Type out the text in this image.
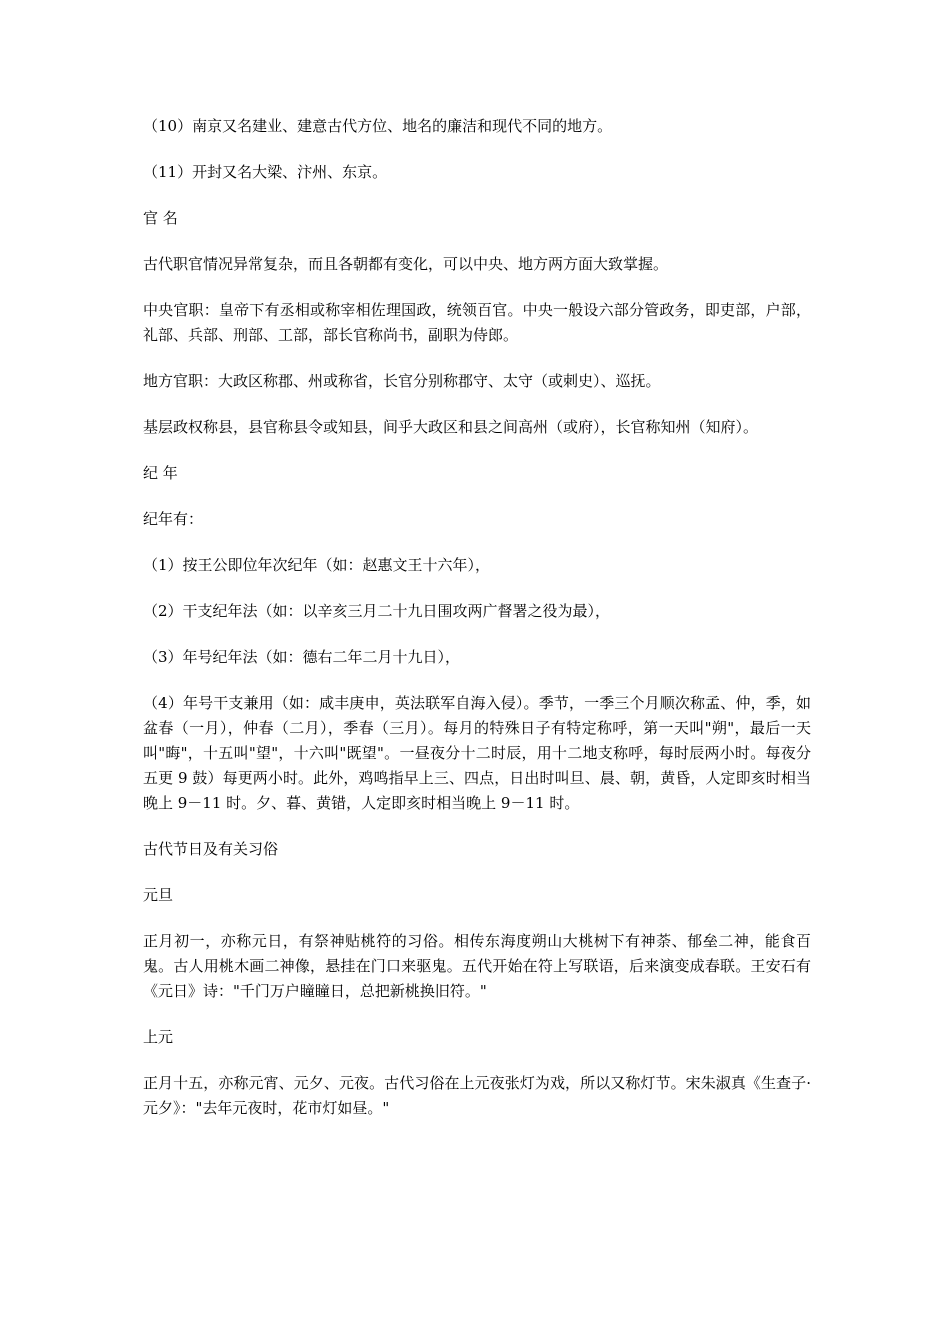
（10）南京又名建业、建意古代方位、地名的廉洁和现代不同的地方。

（11）开封又名大梁、汴州、东京。

官 名

古代职官情况异常复杂，而且各朝都有变化，可以中央、地方两方面大致掌握。

中央官职：皇帝下有丞相或称宰相佐理国政，统领百官。中央一般设六部分管政务，即吏部，户部，礼部、兵部、刑部、工部，部长官称尚书，副职为侍郎。

地方官职：大政区称郡、州或称省，长官分别称郡守、太守（或刺史）、巡抚。

基层政权称县，县官称县令或知县，间乎大政区和县之间高州（或府），长官称知州（知府）。

纪 年

纪年有：

（1）按王公即位年次纪年（如：赵惠文王十六年），

（2）干支纪年法（如：以辛亥三月二十九日围攻两广督署之役为最），

（3）年号纪年法（如：德右二年二月十九日），

（4）年号干支兼用（如：咸丰庚申，英法联军自海入侵）。季节，一季三个月顺次称孟、仲，季，如盆春（一月），仲春（二月），季春（三月）。每月的特殊日子有特定称呼，第一天叫"朔"，最后一天叫"晦"，十五叫"望"，十六叫"既望"。一昼夜分十二时辰，用十二地支称呼，每时辰两小时。每夜分五更 9 鼓）每更两小时。此外，鸡鸣指早上三、四点，日出时叫旦、晨、朝，黄昏，人定即亥时相当晚上 9－11 时。夕、暮、黄错，人定即亥时相当晚上 9－11 时。

古代节日及有关习俗

元旦

正月初一，亦称元日，有祭神贴桃符的习俗。相传东海度朔山大桃树下有神荼、郁垒二神，能食百鬼。古人用桃木画二神像，悬挂在门口来驱鬼。五代开始在符上写联语，后来演变成春联。王安石有《元日》诗："千门万户瞳瞳日，总把新桃换旧符。"

上元

正月十五，亦称元宵、元夕、元夜。古代习俗在上元夜张灯为戏，所以又称灯节。宋朱淑真《生查子·元夕》："去年元夜时，花市灯如昼。"
